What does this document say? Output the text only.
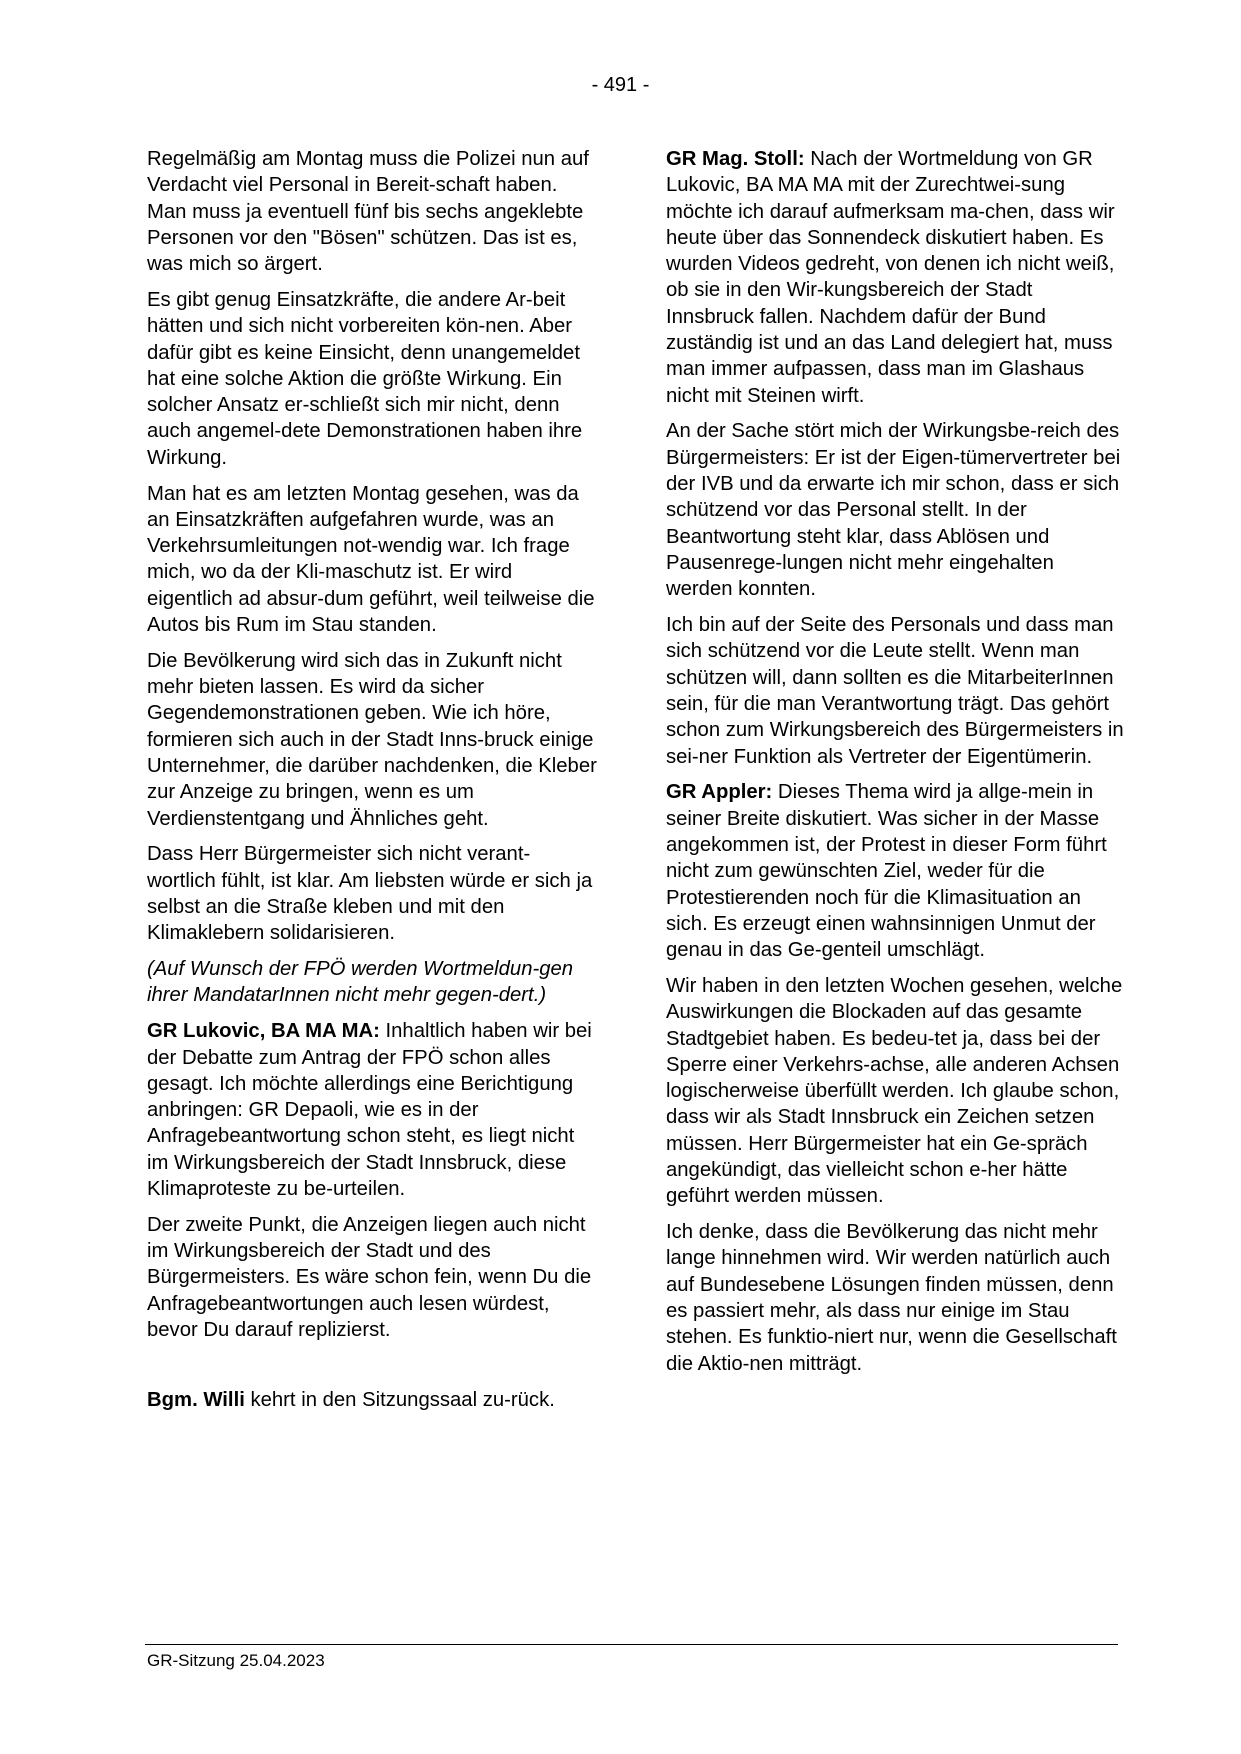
- 491 -

Regelmäßig am Montag muss die Polizei nun auf Verdacht viel Personal in Bereit-schaft haben. Man muss ja eventuell fünf bis sechs angeklebte Personen vor den "Bösen" schützen. Das ist es, was mich so ärgert.

Es gibt genug Einsatzkräfte, die andere Ar-beit hätten und sich nicht vorbereiten kön-nen. Aber dafür gibt es keine Einsicht, denn unangemeldet hat eine solche Aktion die größte Wirkung. Ein solcher Ansatz er-schließt sich mir nicht, denn auch angemel-dete Demonstrationen haben ihre Wirkung.

Man hat es am letzten Montag gesehen, was da an Einsatzkräften aufgefahren wurde, was an Verkehrsumleitungen not-wendig war. Ich frage mich, wo da der Kli-maschutz ist. Er wird eigentlich ad absur-dum geführt, weil teilweise die Autos bis Rum im Stau standen.

Die Bevölkerung wird sich das in Zukunft nicht mehr bieten lassen. Es wird da sicher Gegendemonstrationen geben. Wie ich höre, formieren sich auch in der Stadt Inns-bruck einige Unternehmer, die darüber nachdenken, die Kleber zur Anzeige zu bringen, wenn es um Verdienstentgang und Ähnliches geht.

Dass Herr Bürgermeister sich nicht verant-wortlich fühlt, ist klar. Am liebsten würde er sich ja selbst an die Straße kleben und mit den Klimaklebern solidarisieren.

(Auf Wunsch der FPÖ werden Wortmeldun-gen ihrer MandatarInnen nicht mehr gegen-dert.)

GR Lukovic, BA MA MA: Inhaltlich haben wir bei der Debatte zum Antrag der FPÖ schon alles gesagt. Ich möchte allerdings eine Berichtigung anbringen: GR Depaoli, wie es in der Anfragebeantwortung schon steht, es liegt nicht im Wirkungsbereich der Stadt Innsbruck, diese Klimaproteste zu be-urteilen.

Der zweite Punkt, die Anzeigen liegen auch nicht im Wirkungsbereich der Stadt und des Bürgermeisters. Es wäre schon fein, wenn Du die Anfragebeantwortungen auch lesen würdest, bevor Du darauf replizierst.

Bgm. Willi kehrt in den Sitzungssaal zu-rück.

GR Mag. Stoll: Nach der Wortmeldung von GR Lukovic, BA MA MA mit der Zurechtwei-sung möchte ich darauf aufmerksam ma-chen, dass wir heute über das Sonnendeck diskutiert haben. Es wurden Videos gedreht, von denen ich nicht weiß, ob sie in den Wir-kungsbereich der Stadt Innsbruck fallen. Nachdem dafür der Bund zuständig ist und an das Land delegiert hat, muss man immer aufpassen, dass man im Glashaus nicht mit Steinen wirft.

An der Sache stört mich der Wirkungsbe-reich des Bürgermeisters: Er ist der Eigen-tümervertreter bei der IVB und da erwarte ich mir schon, dass er sich schützend vor das Personal stellt. In der Beantwortung steht klar, dass Ablösen und Pausenrege-lungen nicht mehr eingehalten werden konnten.

Ich bin auf der Seite des Personals und dass man sich schützend vor die Leute stellt. Wenn man schützen will, dann sollten es die MitarbeiterInnen sein, für die man Verantwortung trägt. Das gehört schon zum Wirkungsbereich des Bürgermeisters in sei-ner Funktion als Vertreter der Eigentümerin.

GR Appler: Dieses Thema wird ja allge-mein in seiner Breite diskutiert. Was sicher in der Masse angekommen ist, der Protest in dieser Form führt nicht zum gewünschten Ziel, weder für die Protestierenden noch für die Klimasituation an sich. Es erzeugt einen wahnsinnigen Unmut der genau in das Ge-genteil umschlägt.

Wir haben in den letzten Wochen gesehen, welche Auswirkungen die Blockaden auf das gesamte Stadtgebiet haben. Es bedeu-tet ja, dass bei der Sperre einer Verkehrs-achse, alle anderen Achsen logischerweise überfüllt werden. Ich glaube schon, dass wir als Stadt Innsbruck ein Zeichen setzen müssen. Herr Bürgermeister hat ein Ge-spräch angekündigt, das vielleicht schon e-her hätte geführt werden müssen.

Ich denke, dass die Bevölkerung das nicht mehr lange hinnehmen wird. Wir werden natürlich auch auf Bundesebene Lösungen finden müssen, denn es passiert mehr, als dass nur einige im Stau stehen. Es funktio-niert nur, wenn die Gesellschaft die Aktio-nen mitträgt.

GR-Sitzung 25.04.2023
